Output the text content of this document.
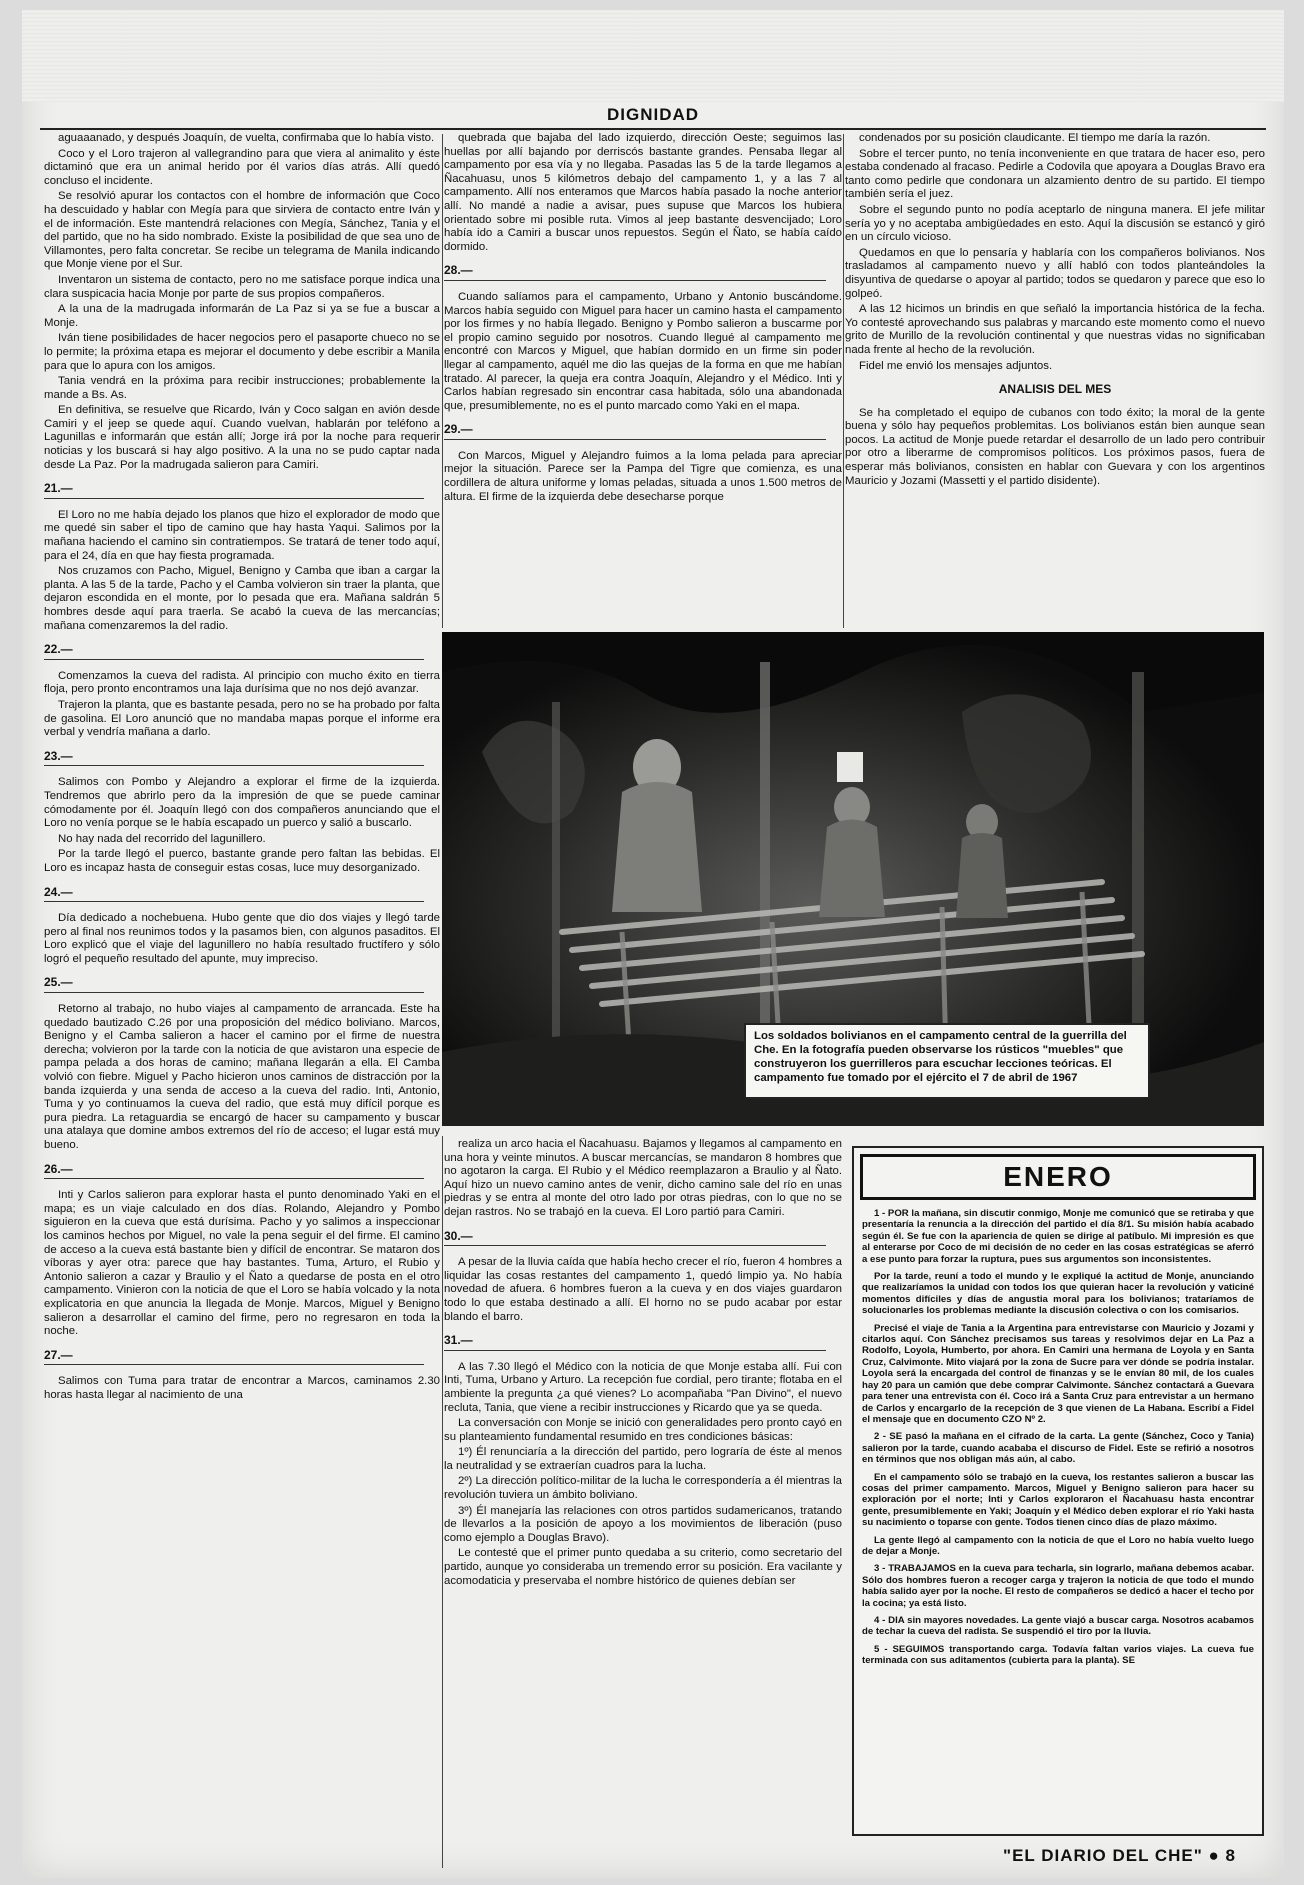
DIGNIDAD

aguaaanado, y después Joaquín, de vuelta, confirmaba que lo había visto.

Coco y el Loro trajeron al vallegrandino para que viera al animalito y éste dictaminó que era un animal herido por él varios días atrás. Allí quedó concluso el incidente.

Se resolvió apurar los contactos con el hombre de información que Coco ha descuidado y hablar con Megía para que sirviera de contacto entre Iván y el de información. Este mantendrá relaciones con Megía, Sánchez, Tania y el del partido, que no ha sido nombrado. Existe la posibilidad de que sea uno de Villamontes, pero falta concretar. Se recibe un telegrama de Manila indicando que Monje viene por el Sur.

Inventaron un sistema de contacto, pero no me satisface porque indica una clara suspicacia hacia Monje por parte de sus propios compañeros.

A la una de la madrugada informarán de La Paz si ya se fue a buscar a Monje.

Iván tiene posibilidades de hacer negocios pero el pasaporte chueco no se lo permite; la próxima etapa es mejorar el documento y debe escribir a Manila para que lo apura con los amigos.

Tania vendrá en la próxima para recibir instrucciones; probablemente la mande a Bs. As.

En definitiva, se resuelve que Ricardo, Iván y Coco salgan en avión desde Camiri y el jeep se quede aquí. Cuando vuelvan, hablarán por teléfono a Lagunillas e informarán que están allí; Jorge irá por la noche para requerir noticias y los buscará si hay algo positivo. A la una no se pudo captar nada desde La Paz. Por la madrugada salieron para Camiri.

21.—

El Loro no me había dejado los planos que hizo el explorador de modo que me quedé sin saber el tipo de camino que hay hasta Yaqui. Salimos por la mañana haciendo el camino sin contratiempos. Se tratará de tener todo aquí, para el 24, día en que hay fiesta programada.

Nos cruzamos con Pacho, Miguel, Benigno y Camba que iban a cargar la planta. A las 5 de la tarde, Pacho y el Camba volvieron sin traer la planta, que dejaron escondida en el monte, por lo pesada que era. Mañana saldrán 5 hombres desde aquí para traerla. Se acabó la cueva de las mercancías; mañana comenzaremos la del radio.

22.—

Comenzamos la cueva del radista. Al principio con mucho éxito en tierra floja, pero pronto encontramos una laja durísima que no nos dejó avanzar.

Trajeron la planta, que es bastante pesada, pero no se ha probado por falta de gasolina. El Loro anunció que no mandaba mapas porque el informe era verbal y vendría mañana a darlo.

23.—

Salimos con Pombo y Alejandro a explorar el firme de la izquierda. Tendremos que abrirlo pero da la impresión de que se puede caminar cómodamente por él. Joaquín llegó con dos compañeros anunciando que el Loro no venía porque se le había escapado un puerco y salió a buscarlo.

No hay nada del recorrido del lagunillero.

Por la tarde llegó el puerco, bastante grande pero faltan las bebidas. El Loro es incapaz hasta de conseguir estas cosas, luce muy desorganizado.

24.—

Día dedicado a nochebuena. Hubo gente que dio dos viajes y llegó tarde pero al final nos reunimos todos y la pasamos bien, con algunos pasaditos. El Loro explicó que el viaje del lagunillero no había resultado fructífero y sólo logró el pequeño resultado del apunte, muy impreciso.

25.—

Retorno al trabajo, no hubo viajes al campamento de arrancada. Este ha quedado bautizado C.26 por una proposición del médico boliviano. Marcos, Benigno y el Camba salieron a hacer el camino por el firme de nuestra derecha; volvieron por la tarde con la noticia de que avistaron una especie de pampa pelada a dos horas de camino; mañana llegarán a ella. El Camba volvió con fiebre. Miguel y Pacho hicieron unos caminos de distracción por la banda izquierda y una senda de acceso a la cueva del radio. Inti, Antonio, Tuma y yo continuamos la cueva del radio, que está muy difícil porque es pura piedra. La retaguardia se encargó de hacer su campamento y buscar una atalaya que domine ambos extremos del río de acceso; el lugar está muy bueno.

26.—

Inti y Carlos salieron para explorar hasta el punto denominado Yaki en el mapa; es un viaje calculado en dos días. Rolando, Alejandro y Pombo siguieron en la cueva que está durísima. Pacho y yo salimos a inspeccionar los caminos hechos por Miguel, no vale la pena seguir el del firme. El camino de acceso a la cueva está bastante bien y difícil de encontrar. Se mataron dos víboras y ayer otra: parece que hay bastantes. Tuma, Arturo, el Rubio y Antonio salieron a cazar y Braulio y el Ñato a quedarse de posta en el otro campamento. Vinieron con la noticia de que el Loro se había volcado y la nota explicatoria en que anuncia la llegada de Monje. Marcos, Miguel y Benigno salieron a desarrollar el camino del firme, pero no regresaron en toda la noche.

27.—

Salimos con Tuma para tratar de encontrar a Marcos, caminamos 2.30 horas hasta llegar al nacimiento de una

quebrada que bajaba del lado izquierdo, dirección Oeste; seguimos las huellas por allí bajando por derriscós bastante grandes. Pensaba llegar al campamento por esa vía y no llegaba. Pasadas las 5 de la tarde llegamos a Ñacahuasu, unos 5 kilómetros debajo del campamento 1, y a las 7 al campamento. Allí nos enteramos que Marcos había pasado la noche anterior allí. No mandé a nadie a avisar, pues supuse que Marcos los hubiera orientado sobre mi posible ruta. Vimos al jeep bastante desvencijado; Loro había ido a Camiri a buscar unos repuestos. Según el Ñato, se había caído dormido.

28.—

Cuando salíamos para el campamento, Urbano y Antonio buscándome. Marcos había seguido con Miguel para hacer un camino hasta el campamento por los firmes y no había llegado. Benigno y Pombo salieron a buscarme por el propio camino seguido por nosotros. Cuando llegué al campamento me encontré con Marcos y Miguel, que habían dormido en un firme sin poder llegar al campamento, aquél me dio las quejas de la forma en que me habían tratado. Al parecer, la queja era contra Joaquín, Alejandro y el Médico. Inti y Carlos habían regresado sin encontrar casa habitada, sólo una abandonada que, presumiblemente, no es el punto marcado como Yaki en el mapa.

29.—

Con Marcos, Miguel y Alejandro fuimos a la loma pelada para apreciar mejor la situación. Parece ser la Pampa del Tigre que comienza, es una cordillera de altura uniforme y lomas peladas, situada a unos 1.500 metros de altura. El firme de la izquierda debe desecharse porque

condenados por su posición claudicante. El tiempo me daría la razón.

Sobre el tercer punto, no tenía inconveniente en que tratara de hacer eso, pero estaba condenado al fracaso. Pedirle a Codovila que apoyara a Douglas Bravo era tanto como pedirle que condonara un alzamiento dentro de su partido. El tiempo también sería el juez.

Sobre el segundo punto no podía aceptarlo de ninguna manera. El jefe militar sería yo y no aceptaba ambigüedades en esto. Aquí la discusión se estancó y giró en un círculo vicioso.

Quedamos en que lo pensaría y hablaría con los compañeros bolivianos. Nos trasladamos al campamento nuevo y allí habló con todos planteándoles la disyuntiva de quedarse o apoyar al partido; todos se quedaron y parece que eso lo golpeó.

A las 12 hicimos un brindis en que señaló la importancia histórica de la fecha. Yo contesté aprovechando sus palabras y marcando este momento como el nuevo grito de Murillo de la revolución continental y que nuestras vidas no significaban nada frente al hecho de la revolución.

Fidel me envió los mensajes adjuntos.

ANALISIS DEL MES

Se ha completado el equipo de cubanos con todo éxito; la moral de la gente buena y sólo hay pequeños problemitas. Los bolivianos están bien aunque sean pocos. La actitud de Monje puede retardar el desarrollo de un lado pero contribuir por otro a liberarme de compromisos políticos. Los próximos pasos, fuera de esperar más bolivianos, consisten en hablar con Guevara y con los argentinos Mauricio y Jozami (Massetti y el partido disidente).

Los soldados bolivianos en el campamento central de la guerrilla del Che. En la fotografía pueden observarse los rústicos "muebles" que construyeron los guerrilleros para escuchar lecciones teóricas. El campamento fue tomado por el ejército el 7 de abril de 1967

realiza un arco hacia el Ñacahuasu. Bajamos y llegamos al campamento en una hora y veinte minutos. A buscar mercancías, se mandaron 8 hombres que no agotaron la carga. El Rubio y el Médico reemplazaron a Braulio y al Ñato. Aquí hizo un nuevo camino antes de venir, dicho camino sale del río en unas piedras y se entra al monte del otro lado por otras piedras, con lo que no se dejan rastros. No se trabajó en la cueva. El Loro partió para Camiri.

30.—

A pesar de la lluvia caída que había hecho crecer el río, fueron 4 hombres a liquidar las cosas restantes del campamento 1, quedó limpio ya. No había novedad de afuera. 6 hombres fueron a la cueva y en dos viajes guardaron todo lo que estaba destinado a allí. El horno no se pudo acabar por estar blando el barro.

31.—

A las 7.30 llegó el Médico con la noticia de que Monje estaba allí. Fui con Inti, Tuma, Urbano y Arturo. La recepción fue cordial, pero tirante; flotaba en el ambiente la pregunta ¿a qué vienes? Lo acompañaba "Pan Divino", el nuevo recluta, Tania, que viene a recibir instrucciones y Ricardo que ya se queda.

La conversación con Monje se inició con generalidades pero pronto cayó en su planteamiento fundamental resumido en tres condiciones básicas:

1º) Él renunciaría a la dirección del partido, pero lograría de éste al menos la neutralidad y se extraerían cuadros para la lucha.

2º) La dirección político-militar de la lucha le correspondería a él mientras la revolución tuviera un ámbito boliviano.

3º) Él manejaría las relaciones con otros partidos sudamericanos, tratando de llevarlos a la posición de apoyo a los movimientos de liberación (puso como ejemplo a Douglas Bravo).

Le contesté que el primer punto quedaba a su criterio, como secretario del partido, aunque yo consideraba un tremendo error su posición. Era vacilante y acomodaticia y preservaba el nombre histórico de quienes debían ser

ENERO

1 - POR la mañana, sin discutir conmigo, Monje me comunicó que se retiraba y que presentaría la renuncia a la dirección del partido el día 8/1. Su misión había acabado según él. Se fue con la apariencia de quien se dirige al patíbulo. Mi impresión es que al enterarse por Coco de mi decisión de no ceder en las cosas estratégicas se aferró a ese punto para forzar la ruptura, pues sus argumentos son inconsistentes.

Por la tarde, reuní a todo el mundo y le expliqué la actitud de Monje, anunciando que realizaríamos la unidad con todos los que quieran hacer la revolución y vaticiné momentos difíciles y días de angustia moral para los bolivianos; trataríamos de solucionarles los problemas mediante la discusión colectiva o con los comisarios.

Precisé el viaje de Tania a la Argentina para entrevistarse con Mauricio y Jozami y citarlos aquí. Con Sánchez precisamos sus tareas y resolvimos dejar en La Paz a Rodolfo, Loyola, Humberto, por ahora. En Camiri una hermana de Loyola y en Santa Cruz, Calvimonte. Mito viajará por la zona de Sucre para ver dónde se podría instalar. Loyola será la encargada del control de finanzas y se le envían 80 mil, de los cuales hay 20 para un camión que debe comprar Calvimonte. Sánchez contactará a Guevara para tener una entrevista con él. Coco irá a Santa Cruz para entrevistar a un hermano de Carlos y encargarlo de la recepción de 3 que vienen de La Habana. Escribí a Fidel el mensaje que en documento CZO Nº 2.

2 - SE pasó la mañana en el cifrado de la carta. La gente (Sánchez, Coco y Tania) salieron por la tarde, cuando acababa el discurso de Fidel. Este se refirió a nosotros en términos que nos obligan más aún, al cabo.

En el campamento sólo se trabajó en la cueva, los restantes salieron a buscar las cosas del primer campamento. Marcos, Miguel y Benigno salieron para hacer su exploración por el norte; Inti y Carlos exploraron el Ñacahuasu hasta encontrar gente, presumiblemente en Yaki; Joaquín y el Médico deben explorar el río Yaki hasta su nacimiento o toparse con gente. Todos tienen cinco días de plazo máximo.

La gente llegó al campamento con la noticia de que el Loro no había vuelto luego de dejar a Monje.

3 - TRABAJAMOS en la cueva para techarla, sin lograrlo, mañana debemos acabar. Sólo dos hombres fueron a recoger carga y trajeron la noticia de que todo el mundo había salido ayer por la noche. El resto de compañeros se dedicó a hacer el techo por la cocina; ya está listo.

4 - DIA sin mayores novedades. La gente viajó a buscar carga. Nosotros acabamos de techar la cueva del radista. Se suspendió el tiro por la lluvia.

5 - SEGUIMOS transportando carga. Todavía faltan varios viajes. La cueva fue terminada con sus aditamentos (cubierta para la planta). SE

"EL DIARIO DEL CHE" ● 8
